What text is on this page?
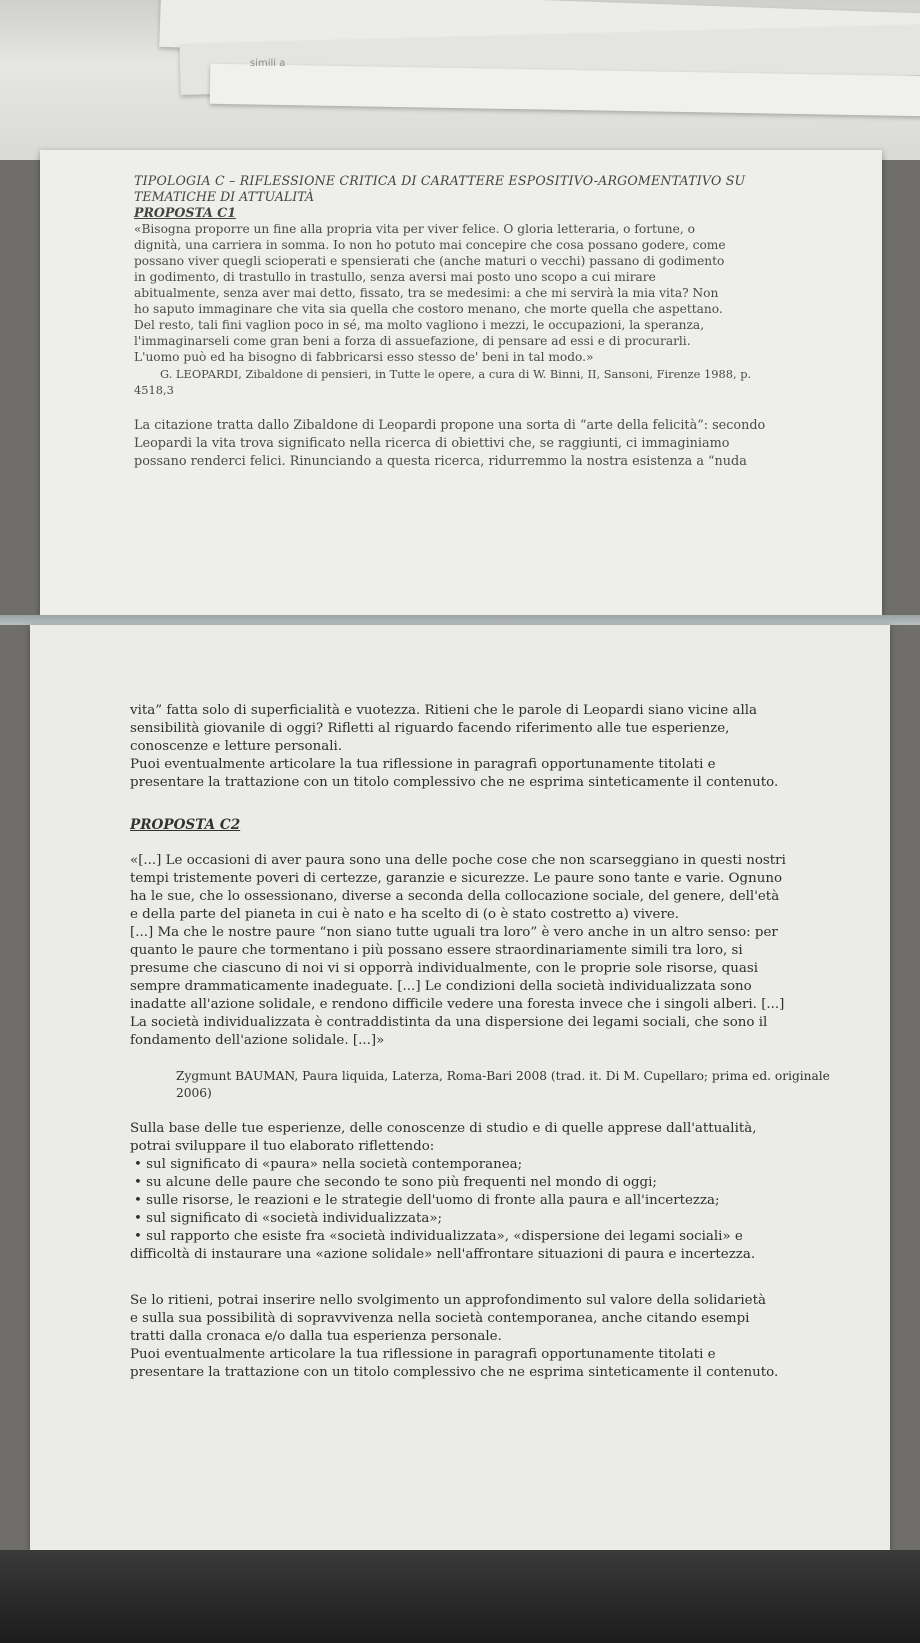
simili a
TIPOLOGIA C – RIFLESSIONE CRITICA DI CARATTERE ESPOSITIVO-ARGOMENTATIVO SU
TEMATICHE DI ATTUALITÀ
PROPOSTA C1
«Bisogna proporre un fine alla propria vita per viver felice. O gloria letteraria, o fortune, o
dignità, una carriera in somma. Io non ho potuto mai concepire che cosa possano godere, come
possano viver quegli scioperati e spensierati che (anche maturi o vecchi) passano di godimento
in godimento, di trastullo in trastullo, senza aversi mai posto uno scopo a cui mirare
abitualmente, senza aver mai detto, fissato, tra se medesimi: a che mi servirà la mia vita? Non
ho saputo immaginare che vita sia quella che costoro menano, che morte quella che aspettano.
Del resto, tali fini vaglion poco in sé, ma molto vagliono i mezzi, le occupazioni, la speranza,
l'immaginarseli come gran beni a forza di assuefazione, di pensare ad essi e di procurarli.
L'uomo può ed ha bisogno di fabbricarsi esso stesso de' beni in tal modo.»
G. LEOPARDI, Zibaldone di pensieri, in Tutte le opere, a cura di W. Binni, II, Sansoni, Firenze 1988, p.
4518,3
La citazione tratta dallo Zibaldone di Leopardi propone una sorta di “arte della felicità”: secondo
Leopardi la vita trova significato nella ricerca di obiettivi che, se raggiunti, ci immaginiamo
possano renderci felici. Rinunciando a questa ricerca, ridurremmo la nostra esistenza a “nuda
vita” fatta solo di superficialità e vuotezza. Ritieni che le parole di Leopardi siano vicine alla
sensibilità giovanile di oggi? Rifletti al riguardo facendo riferimento alle tue esperienze,
conoscenze e letture personali.
Puoi eventualmente articolare la tua riflessione in paragrafi opportunamente titolati e
presentare la trattazione con un titolo complessivo che ne esprima sinteticamente il contenuto.
PROPOSTA C2
«[...] Le occasioni di aver paura sono una delle poche cose che non scarseggiano in questi nostri
tempi tristemente poveri di certezze, garanzie e sicurezze. Le paure sono tante e varie. Ognuno
ha le sue, che lo ossessionano, diverse a seconda della collocazione sociale, del genere, dell'età
e della parte del pianeta in cui è nato e ha scelto di (o è stato costretto a) vivere.
[...] Ma che le nostre paure “non siano tutte uguali tra loro” è vero anche in un altro senso: per
quanto le paure che tormentano i più possano essere straordinariamente simili tra loro, si
presume che ciascuno di noi vi si opporrà individualmente, con le proprie sole risorse, quasi
sempre drammaticamente inadeguate. [...] Le condizioni della società individualizzata sono
inadatte all'azione solidale, e rendono difficile vedere una foresta invece che i singoli alberi. [...]
La società individualizzata è contraddistinta da una dispersione dei legami sociali, che sono il
fondamento dell'azione solidale. [...]»
Zygmunt BAUMAN, Paura liquida, Laterza, Roma-Bari 2008 (trad. it. Di M. Cupellaro; prima ed. originale
2006)
Sulla base delle tue esperienze, delle conoscenze di studio e di quelle apprese dall'attualità,
potrai sviluppare il tuo elaborato riflettendo:
• sul significato di «paura» nella società contemporanea;
• su alcune delle paure che secondo te sono più frequenti nel mondo di oggi;
• sulle risorse, le reazioni e le strategie dell'uomo di fronte alla paura e all'incertezza;
• sul significato di «società individualizzata»;
• sul rapporto che esiste fra «società individualizzata», «dispersione dei legami sociali» e
difficoltà di instaurare una «azione solidale» nell'affrontare situazioni di paura e incertezza.
Se lo ritieni, potrai inserire nello svolgimento un approfondimento sul valore della solidarietà
e sulla sua possibilità di sopravvivenza nella società contemporanea, anche citando esempi
tratti dalla cronaca e/o dalla tua esperienza personale.
Puoi eventualmente articolare la tua riflessione in paragrafi opportunamente titolati e
presentare la trattazione con un titolo complessivo che ne esprima sinteticamente il contenuto.
